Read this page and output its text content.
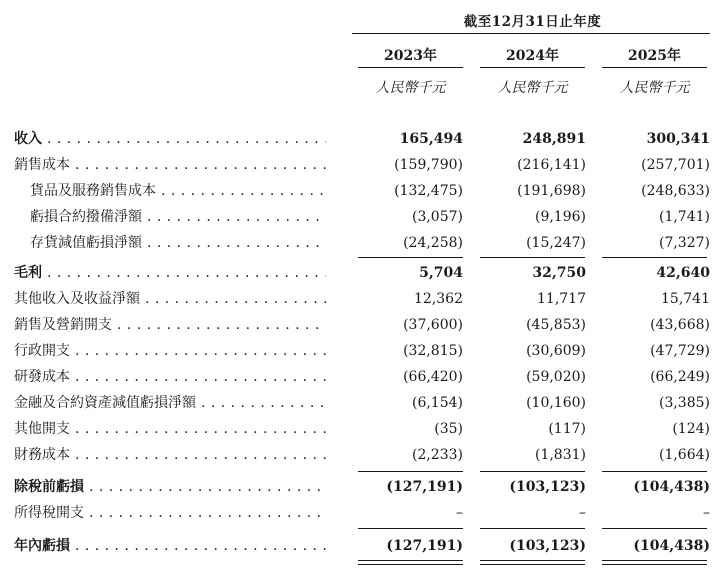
截至12月31日止年度
2023年	2024年	2025年
人民幣千元	人民幣千元	人民幣千元
收入 . . .	165,494	248,891	300,341
銷售成本 . . .	(159,790)	(216,141)	(257,701)
貨品及服務銷售成本 . . .	(132,475)	(191,698)	(248,633)
虧損合約撥備淨額 . . .	(3,057)	(9,196)	(1,741)
存貨減值虧損淨額 . . .	(24,258)	(15,247)	(7,327)
毛利 . . .	5,704	32,750	42,640
其他收入及收益淨額 . . .	12,362	11,717	15,741
銷售及營銷開支 . . .	(37,600)	(45,853)	(43,668)
行政開支 . . .	(32,815)	(30,609)	(47,729)
研發成本 . . .	(66,420)	(59,020)	(66,249)
金融及合約資產減值虧損淨額 . . .	(6,154)	(10,160)	(3,385)
其他開支 . . .	(35)	(117)	(124)
財務成本 . . .	(2,233)	(1,831)	(1,664)
除稅前虧損 . . .	(127,191)	(103,123)	(104,438)
所得稅開支 . . .	–	–	–
年內虧損 . . .	(127,191)	(103,123)	(104,438)
